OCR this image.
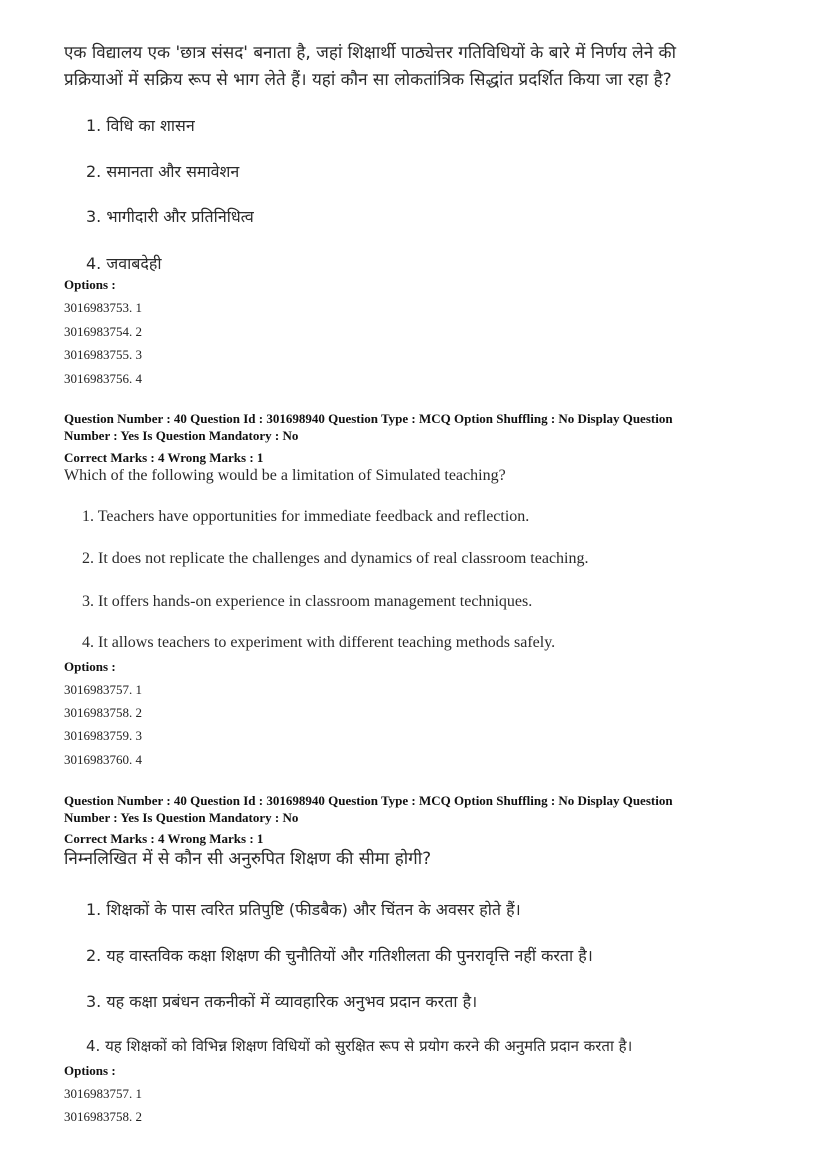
एक विद्यालय एक 'छात्र संसद' बनाता है, जहां शिक्षार्थी पाठ्येत्तर गतिविधियों के बारे में निर्णय लेने की
प्रक्रियाओं में सक्रिय रूप से भाग लेते हैं। यहां कौन सा लोकतांत्रिक सिद्धांत प्रदर्शित किया जा रहा है?
1. विधि का शासन
2. समानता और समावेशन
3. भागीदारी और प्रतिनिधित्व
4. जवाबदेही
Options :
3016983753. 1
3016983754. 2
3016983755. 3
3016983756. 4
Question Number : 40 Question Id : 301698940 Question Type : MCQ Option Shuffling : No Display Question
Number : Yes Is Question Mandatory : No
Correct Marks : 4 Wrong Marks : 1
Which of the following would be a limitation of Simulated teaching?
1. Teachers have opportunities for immediate feedback and reflection.
2. It does not replicate the challenges and dynamics of real classroom teaching.
3. It offers hands-on experience in classroom management techniques.
4. It allows teachers to experiment with different teaching methods safely.
Options :
3016983757. 1
3016983758. 2
3016983759. 3
3016983760. 4
Question Number : 40 Question Id : 301698940 Question Type : MCQ Option Shuffling : No Display Question
Number : Yes Is Question Mandatory : No
Correct Marks : 4 Wrong Marks : 1
निम्नलिखित में से कौन सी अनुरुपित शिक्षण की सीमा होगी?
1. शिक्षकों के पास त्वरित प्रतिपुष्टि (फीडबैक) और चिंतन के अवसर होते हैं।
2. यह वास्तविक कक्षा शिक्षण की चुनौतियों और गतिशीलता की पुनरावृत्ति नहीं करता है।
3. यह कक्षा प्रबंधन तकनीकों में व्यावहारिक अनुभव प्रदान करता है।
4. यह शिक्षकों को विभिन्न शिक्षण विधियों को सुरक्षित रूप से प्रयोग करने की अनुमति प्रदान करता है।
Options :
3016983757. 1
3016983758. 2
